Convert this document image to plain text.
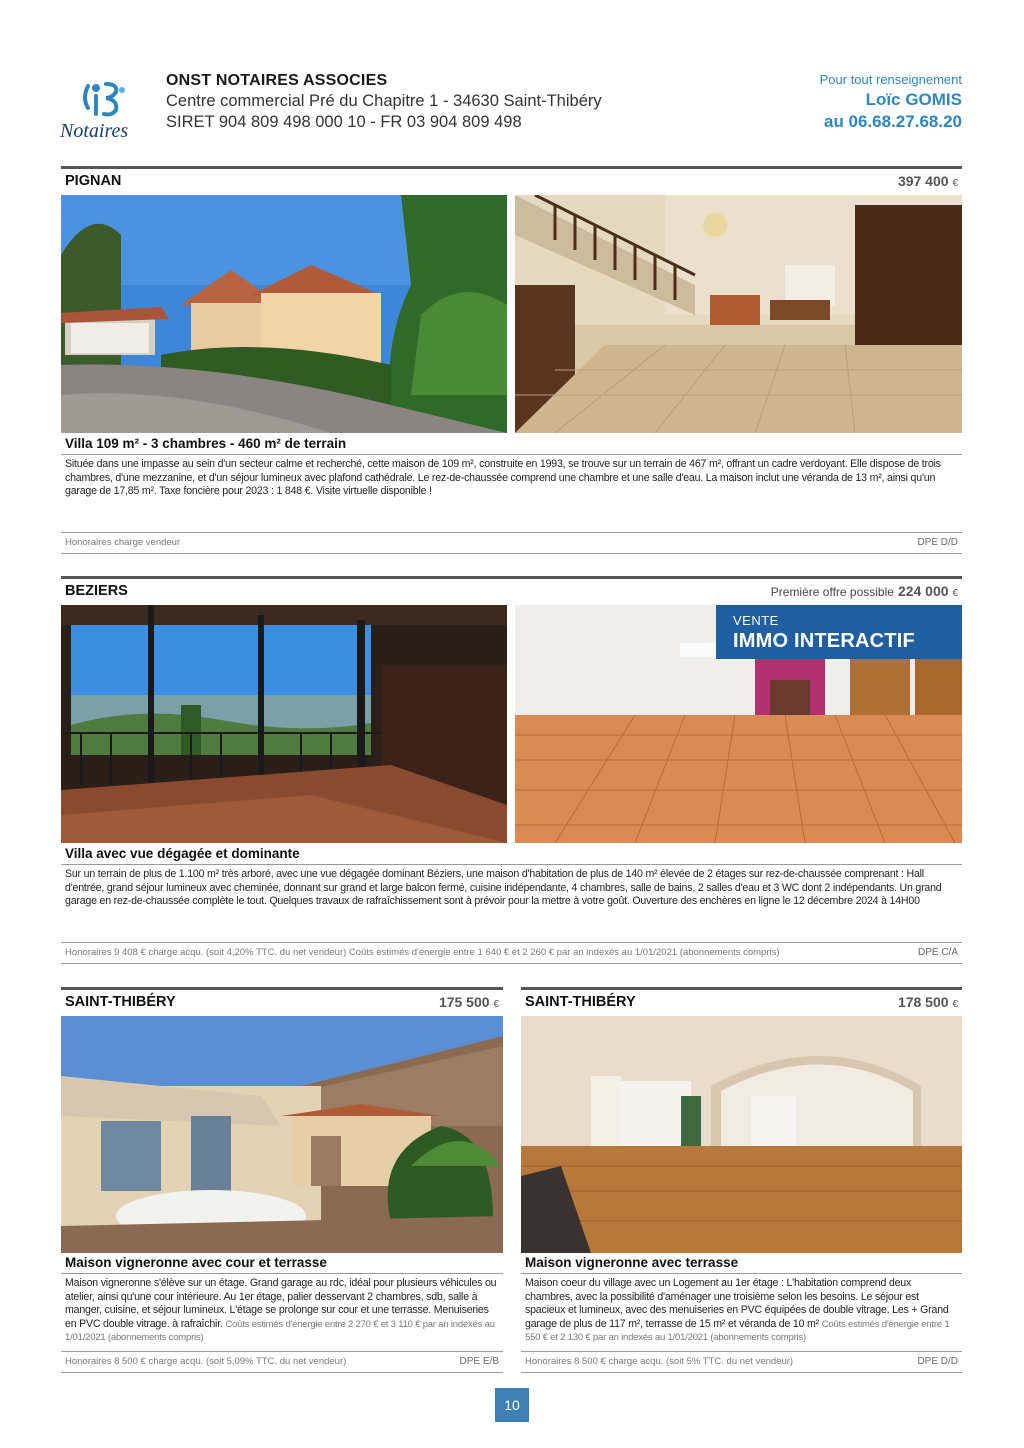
Notaires
ONST NOTAIRES ASSOCIES
Centre commercial Pré du Chapitre 1 - 34630 Saint-Thibéry
SIRET 904 809 498 000 10 - FR 03 904 809 498
Pour tout renseignement
Loïc GOMIS
au 06.68.27.68.20
PIGNAN	397 400 €
Villa 109 m² - 3 chambres - 460 m² de terrain
Située dans une impasse au sein d'un secteur calme et recherché, cette maison de 109 m², construite en 1993, se trouve sur un terrain de 467 m², offrant un cadre verdoyant. Elle dispose de trois chambres, d'une mezzanine, et d'un séjour lumineux avec plafond cathédrale. Le rez-de-chaussée comprend une chambre et une salle d'eau. La maison inclut une véranda de 13 m², ainsi qu'un garage de 17,85 m². Taxe foncière pour 2023 : 1 848 €. Visite virtuelle disponible !
Honoraires charge vendeur	DPE D/D
BEZIERS	Première offre possible 224 000 €
VENTE
IMMO INTERACTIF
Villa avec vue dégagée et dominante
Sur un terrain de plus de 1.100 m² très arboré, avec une vue dégagée dominant Béziers, une maison d'habitation de plus de 140 m² élevée de 2 étages sur rez-de-chaussée comprenant : Hall d'entrée, grand séjour lumineux avec cheminée, donnant sur grand et large balcon fermé, cuisine indépendante, 4 chambres, salle de bains, 2 salles d'eau et 3 WC dont 2 indépendants. Un grand garage en rez-de-chaussée complète le tout. Quelques travaux de rafraîchissement sont à prévoir pour la mettre à votre goût. Ouverture des enchères en ligne le 12 décembre 2024 à 14H00
Honoraires 9 408 € charge acqu. (soit 4,20% TTC. du net vendeur) Coûts estimés d'énergie entre 1 640 € et 2 260 € par an indexés au 1/01/2021 (abonnements compris)	DPE C/A
SAINT-THIBÉRY	175 500 €
Maison vigneronne avec cour et terrasse
Maison vigneronne s'élève sur un étage. Grand garage au rdc, idéal pour plusieurs véhicules ou atelier, ainsi qu'une cour intérieure. Au 1er étage, palier desservant 2 chambres, sdb, salle à manger, cuisine, et séjour lumineux. L'étage se prolonge sur cour et une terrasse. Menuiseries en PVC double vitrage. à rafraîchir. Coûts estimés d'énergie entre 2 270 € et 3 110 € par an indexés au 1/01/2021 (abonnements compris)
Honoraires 8 500 € charge acqu. (soit 5,09% TTC. du net vendeur)	DPE E/B
SAINT-THIBÉRY	178 500 €
Maison vigneronne avec terrasse
Maison coeur du village avec un Logement au 1er étage : L'habitation comprend deux chambres, avec la possibilité d'aménager une troisième selon les besoins. Le séjour est spacieux et lumineux, avec des menuiseries en PVC équipées de double vitrage. Les + Grand garage de plus de 117 m², terrasse de 15 m² et véranda de 10 m² Coûts estimés d'énergie entre 1 550 € et 2 130 € par an indexés au 1/01/2021 (abonnements compris)
Honoraires 8 500 € charge acqu. (soit 5% TTC. du net vendeur)	DPE D/D
10
